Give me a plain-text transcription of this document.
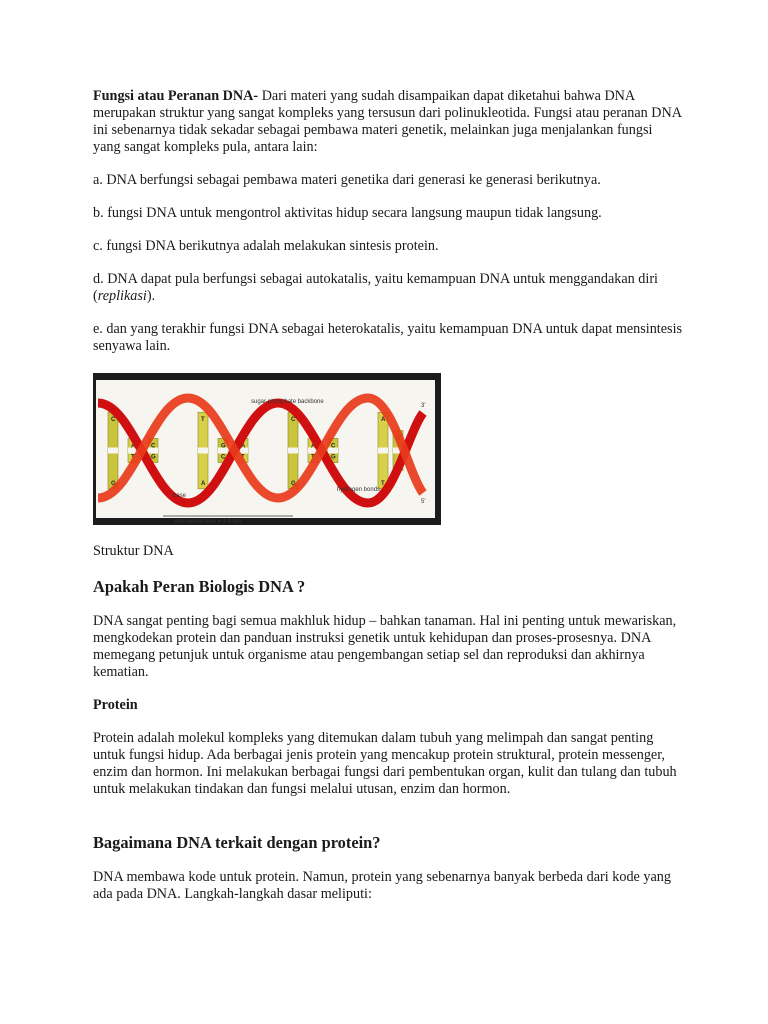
Fungsi atau Peranan DNA- Dari materi yang sudah disampaikan dapat diketahui bahwa DNA merupakan struktur yang sangat kompleks yang tersusun dari polinukleotida. Fungsi atau peranan DNA ini sebenarnya tidak sekadar sebagai pembawa materi genetik, melainkan juga menjalankan fungsi yang sangat kompleks pula, antara lain:

a. DNA berfungsi sebagai pembawa materi genetika dari generasi ke generasi berikutnya.

b. fungsi DNA untuk mengontrol aktivitas hidup secara langsung maupun tidak langsung.

c. fungsi DNA berikutnya adalah melakukan sintesis protein.

d. DNA dapat pula berfungsi sebagai autokatalis, yaitu kemampuan DNA untuk menggandakan diri (replikasi).

e. dan yang terakhir fungsi DNA sebagai heterokatalis, yaitu kemampuan DNA untuk dapat mensintesis senyawa lain.

C
G
A
T
C
G
T
A
G
C
A
T
C
G
A
T
C
G
A
T
C
G
sugar-phosphate backbone
hydrogen bonds
base
3'
5'
one helical turn = 3.4 nm
Struktur DNA
Apakah Peran Biologis DNA ?

DNA sangat penting bagi semua makhluk hidup – bahkan tanaman. Hal ini penting untuk mewariskan, mengkodekan protein dan panduan instruksi genetik untuk kehidupan dan proses-prosesnya. DNA memegang petunjuk untuk organisme atau pengembangan setiap sel dan reproduksi dan akhirnya kematian.

Protein

Protein adalah molekul kompleks yang ditemukan dalam tubuh yang melimpah dan sangat penting untuk fungsi hidup. Ada berbagai jenis protein yang mencakup protein struktural, protein messenger, enzim dan hormon. Ini melakukan berbagai fungsi dari pembentukan organ, kulit dan tulang dan tubuh untuk melakukan tindakan dan fungsi melalui utusan, enzim dan hormon.

Bagaimana DNA terkait dengan protein?

DNA membawa kode untuk protein. Namun, protein yang sebenarnya banyak berbeda dari kode yang ada pada DNA. Langkah-langkah dasar meliputi:
